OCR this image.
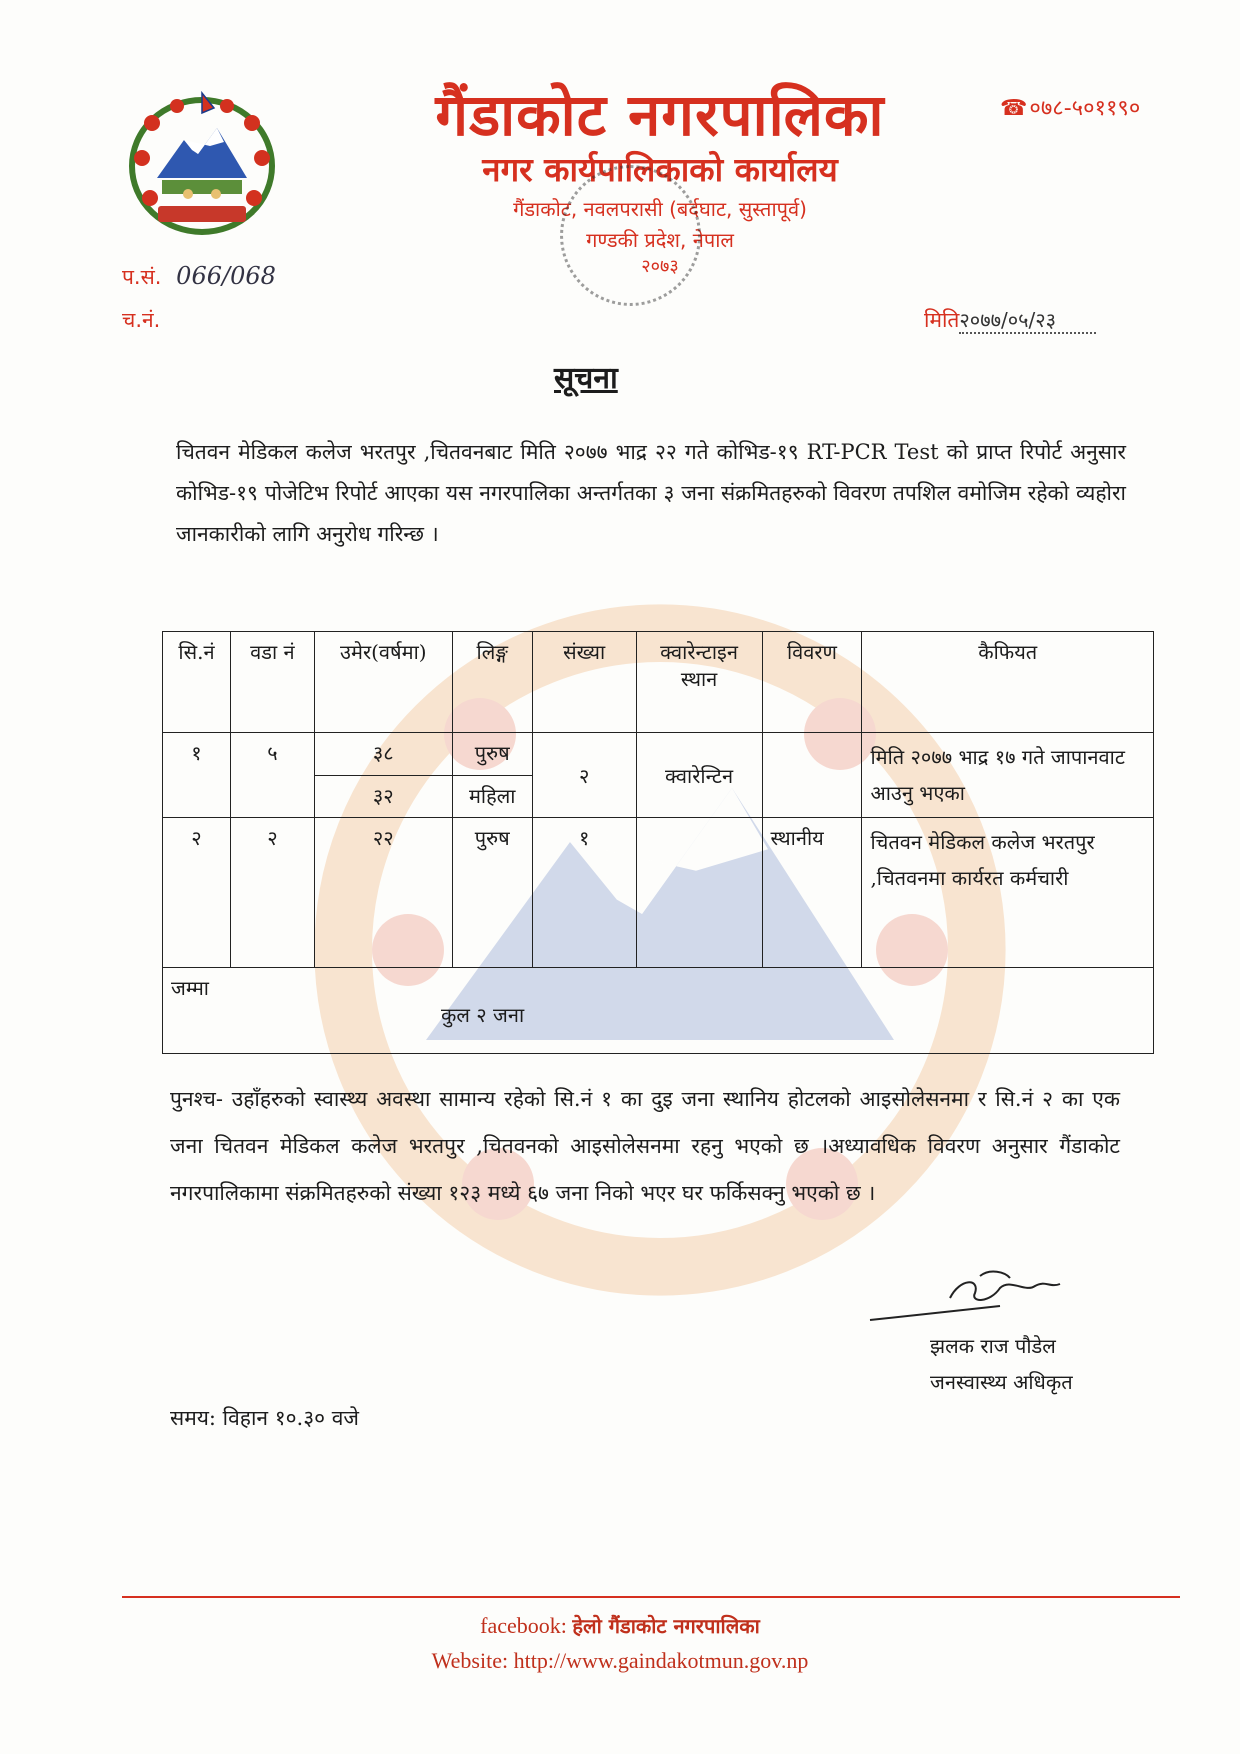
गैंडाकोट नगरपालिका
नगर कार्यपालिकाको कार्यालय
गैंडाकोट, नवलपरासी (बर्दघाट, सुस्तापूर्व)
गण्डकी प्रदेश, नेपाल
२०७३
☎०७८-५०११९०
प.सं. 066/068
च.नं.	मिति२०७७/०५/२३
सूचना
चितवन मेडिकल कलेज भरतपुर ,चितवनबाट मिति २०७७ भाद्र २२ गते कोभिड-१९ RT-PCR Test को प्राप्त रिपोर्ट अनुसार कोभिड-१९ पोजेटिभ रिपोर्ट आएका यस नगरपालिका अन्तर्गतका ३ जना संक्रमितहरुको विवरण तपशिल वमोजिम रहेको व्यहोरा जानकारीको लागि अनुरोध गरिन्छ ।
सि.नं	वडा नं	उमेर(वर्षमा)	लिङ्ग	संख्या	क्वारेन्टाइन स्थान	विवरण	कैफियत
१	५	३८	पुरुष	२	क्वारेन्टिन		मिति २०७७ भाद्र १७ गते जापानवाट आउनु भएका
		३२	महिला				
२	२	२२	पुरुष	१		स्थानीय	चितवन मेडिकल कलेज भरतपुर ,चितवनमा कार्यरत कर्मचारी

जम्मा
कुल २ जना							
पुनश्च- उहाँहरुको स्वास्थ्य अवस्था सामान्य रहेको सि.नं १ का दुइ जना स्थानिय होटलको आइसोलेसनमा र सि.नं २ का एक जना चितवन मेडिकल कलेज भरतपुर ,चितवनको आइसोलेसनमा रहनु भएको छ ।अध्यावधिक विवरण अनुसार गैंडाकोट नगरपालिकामा संक्रमितहरुको संख्या १२३ मध्ये ६७ जना निको भएर घर फर्किसक्नु भएको छ ।
झलक राज पौडेल
जनस्वास्थ्य अधिकृत
समय: विहान १०.३० वजे
facebook: हेलो गैंडाकोट नगरपालिका
Website: http://www.gaindakotmun.gov.np
